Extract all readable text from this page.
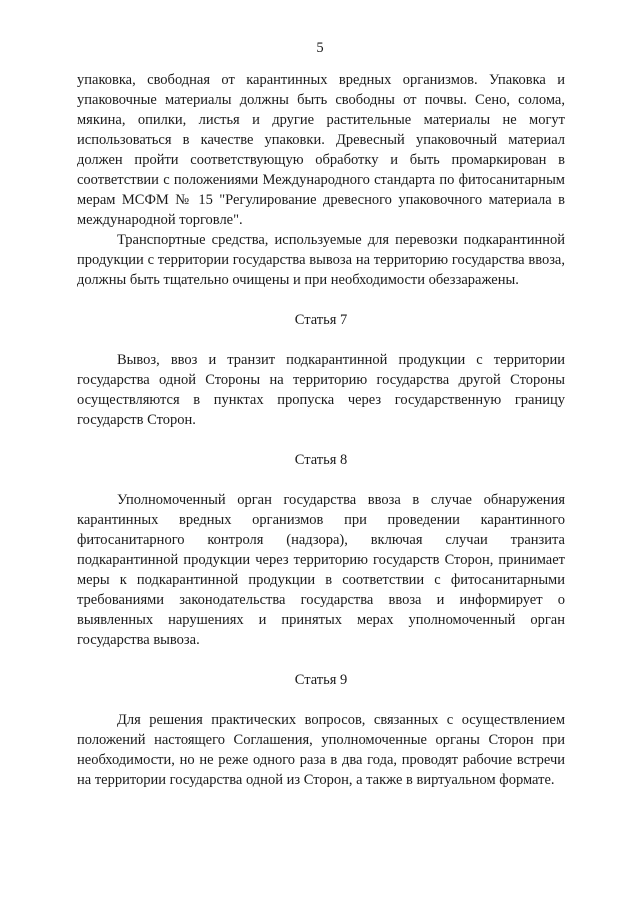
5

упаковка, свободная от карантинных вредных организмов. Упаковка и упаковочные материалы должны быть свободны от почвы. Сено, солома, мякина, опилки, листья и другие растительные материалы не могут использоваться в качестве упаковки. Древесный упаковочный материал должен пройти соответствующую обработку и быть промаркирован в соответствии с положениями Международного стандарта по фитосанитарным мерам МСФМ № 15 "Регулирование древесного упаковочного материала в международной торговле".

Транспортные средства, используемые для перевозки подкарантинной продукции с территории государства вывоза на территорию государства ввоза, должны быть тщательно очищены и при необходимости обеззаражены.

Статья 7

Вывоз, ввоз и транзит подкарантинной продукции с территории государства одной Стороны на территорию государства другой Стороны осуществляются в пунктах пропуска через государственную границу государств Сторон.

Статья 8

Уполномоченный орган государства ввоза в случае обнаружения карантинных вредных организмов при проведении карантинного фитосанитарного контроля (надзора), включая случаи транзита подкарантинной продукции через территорию государств Сторон, принимает меры к подкарантинной продукции в соответствии с фитосанитарными требованиями законодательства государства ввоза и информирует о выявленных нарушениях и принятых мерах уполномоченный орган государства вывоза.

Статья 9

Для решения практических вопросов, связанных с осуществлением положений настоящего Соглашения, уполномоченные органы Сторон при необходимости, но не реже одного раза в два года, проводят рабочие встречи на территории государства одной из Сторон, а также в виртуальном формате.
